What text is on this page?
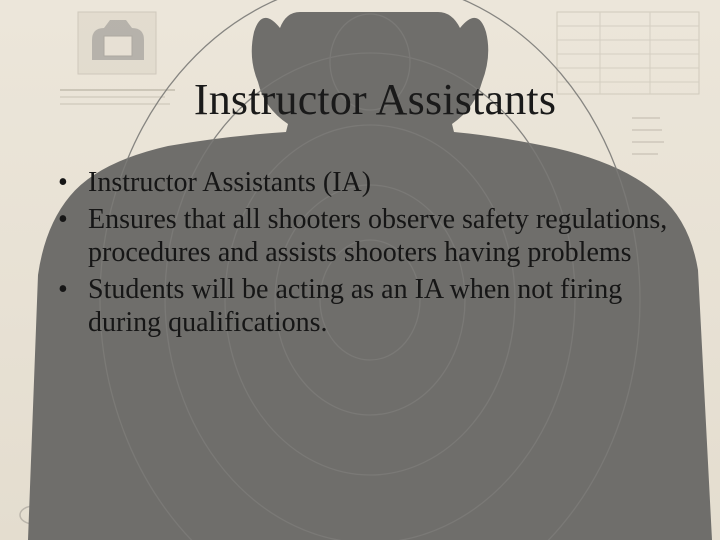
Instructor Assistants
• Instructor Assistants (IA)
• Ensures that all shooters observe safety regulations, procedures and assists shooters having problems
• Students will be acting as an IA when not firing during qualifications.
